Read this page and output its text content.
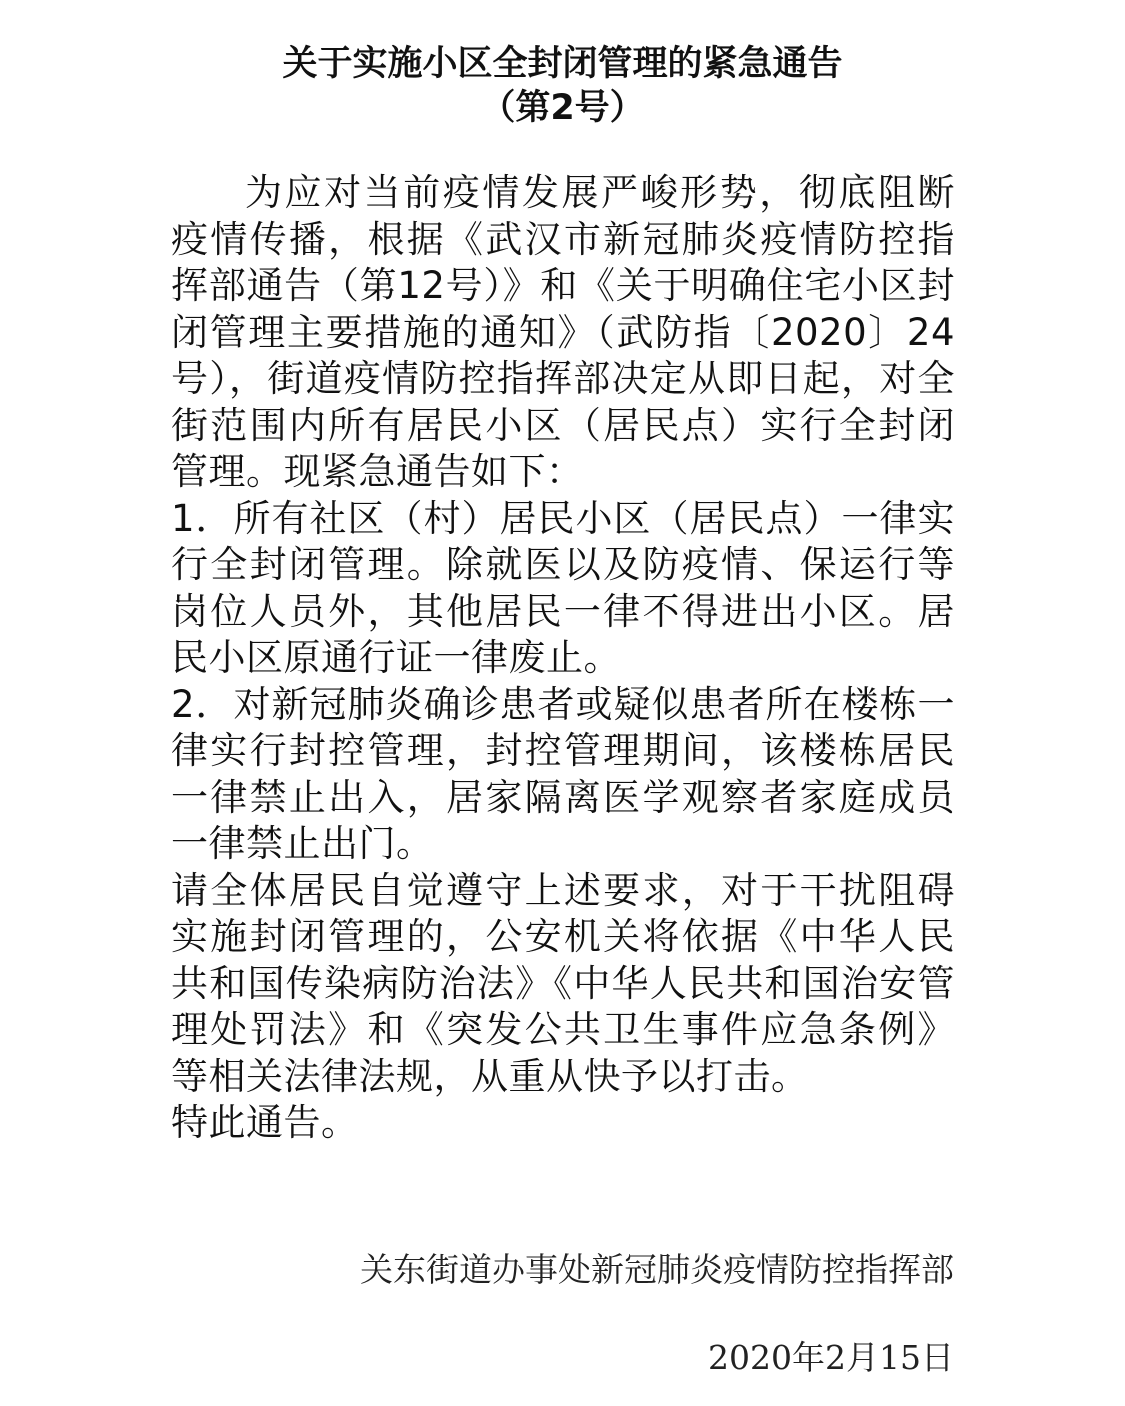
关于实施小区全封闭管理的紧急通告
（第2号）

为应对当前疫情发展严峻形势，彻底阻断疫情传播，根据《武汉市新冠肺炎疫情防控指挥部通告（第12号）》和《关于明确住宅小区封闭管理主要措施的通知》（武防指〔2020〕24号），街道疫情防控指挥部决定从即日起，对全街范围内所有居民小区（居民点）实行全封闭管理。现紧急通告如下：

1．所有社区（村）居民小区（居民点）一律实行全封闭管理。除就医以及防疫情、保运行等岗位人员外，其他居民一律不得进出小区。居民小区原通行证一律废止。

2．对新冠肺炎确诊患者或疑似患者所在楼栋一律实行封控管理，封控管理期间，该楼栋居民一律禁止出入，居家隔离医学观察者家庭成员一律禁止出门。

请全体居民自觉遵守上述要求，对于干扰阻碍实施封闭管理的，公安机关将依据《中华人民共和国传染病防治法》《中华人民共和国治安管理处罚法》和《突发公共卫生事件应急条例》等相关法律法规，从重从快予以打击。

特此通告。

关东街道办事处新冠肺炎疫情防控指挥部
2020年2月15日
